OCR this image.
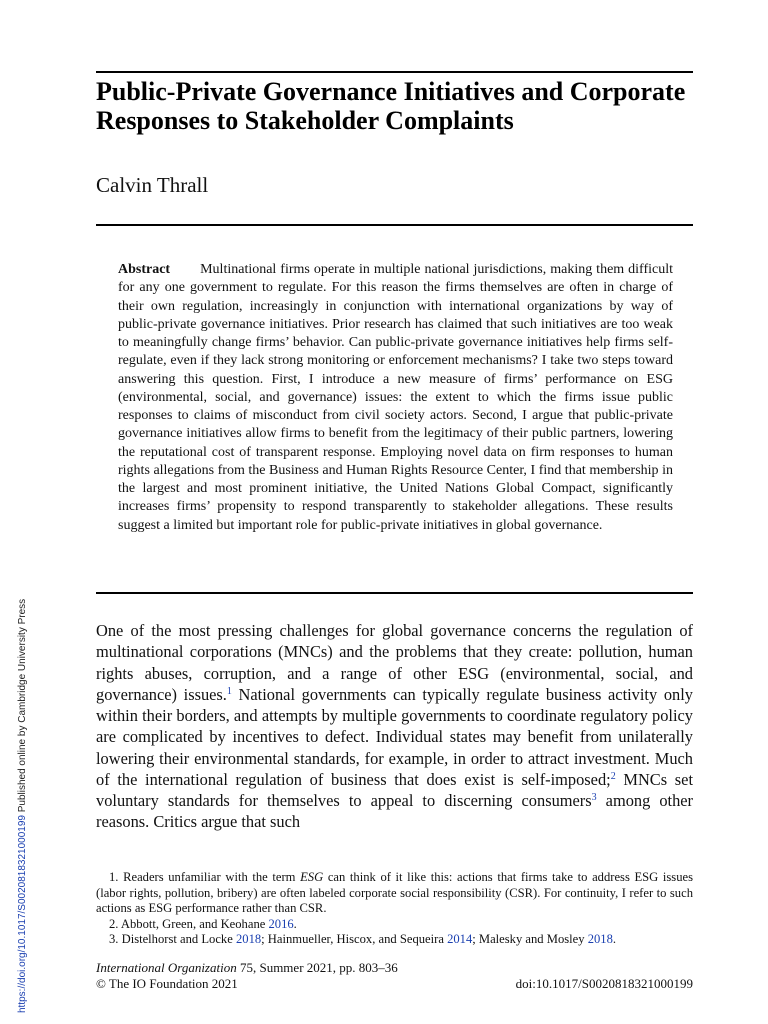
Public-Private Governance Initiatives and Corporate Responses to Stakeholder Complaints

Calvin Thrall

Abstract Multinational firms operate in multiple national jurisdictions, making them difficult for any one government to regulate. For this reason the firms themselves are often in charge of their own regulation, increasingly in conjunction with international organizations by way of public-private governance initiatives. Prior research has claimed that such initiatives are too weak to meaningfully change firms’ behavior. Can public-private governance initiatives help firms self-regulate, even if they lack strong monitoring or enforcement mechanisms? I take two steps toward answering this question. First, I introduce a new measure of firms’ performance on ESG (environmental, social, and governance) issues: the extent to which the firms issue public responses to claims of misconduct from civil society actors. Second, I argue that public-private governance initiatives allow firms to benefit from the legitimacy of their public partners, lowering the reputational cost of transparent response. Employing novel data on firm responses to human rights allegations from the Business and Human Rights Resource Center, I find that membership in the largest and most prominent initiative, the United Nations Global Compact, significantly increases firms’ propensity to respond transparently to stakeholder allegations. These results suggest a limited but important role for public-private initiatives in global governance.

One of the most pressing challenges for global governance concerns the regulation of multinational corporations (MNCs) and the problems that they create: pollution, human rights abuses, corruption, and a range of other ESG (environmental, social, and governance) issues.$^1$ National governments can typically regulate business activity only within their borders, and attempts by multiple governments to coordinate regulatory policy are complicated by incentives to defect. Individual states may benefit from unilaterally lowering their environmental standards, for example, in order to attract investment. Much of the international regulation of business that does exist is self-imposed;$^2$ MNCs set voluntary standards for themselves to appeal to discerning consumers$^3$ among other reasons. Critics argue that such

1. Readers unfamiliar with the term ESG can think of it like this: actions that firms take to address ESG issues (labor rights, pollution, bribery) are often labeled corporate social responsibility (CSR). For continuity, I refer to such actions as ESG performance rather than CSR.

2. Abbott, Green, and Keohane 2016.

3. Distelhorst and Locke 2018; Hainmueller, Hiscox, and Sequeira 2014; Malesky and Mosley 2018.

International Organization 75, Summer 2021, pp. 803–36

© The IO Foundation 2021	doi:10.1017/S0020818321000199

https://doi.org/10.1017/S0020818321000199 Published online by Cambridge University Press
